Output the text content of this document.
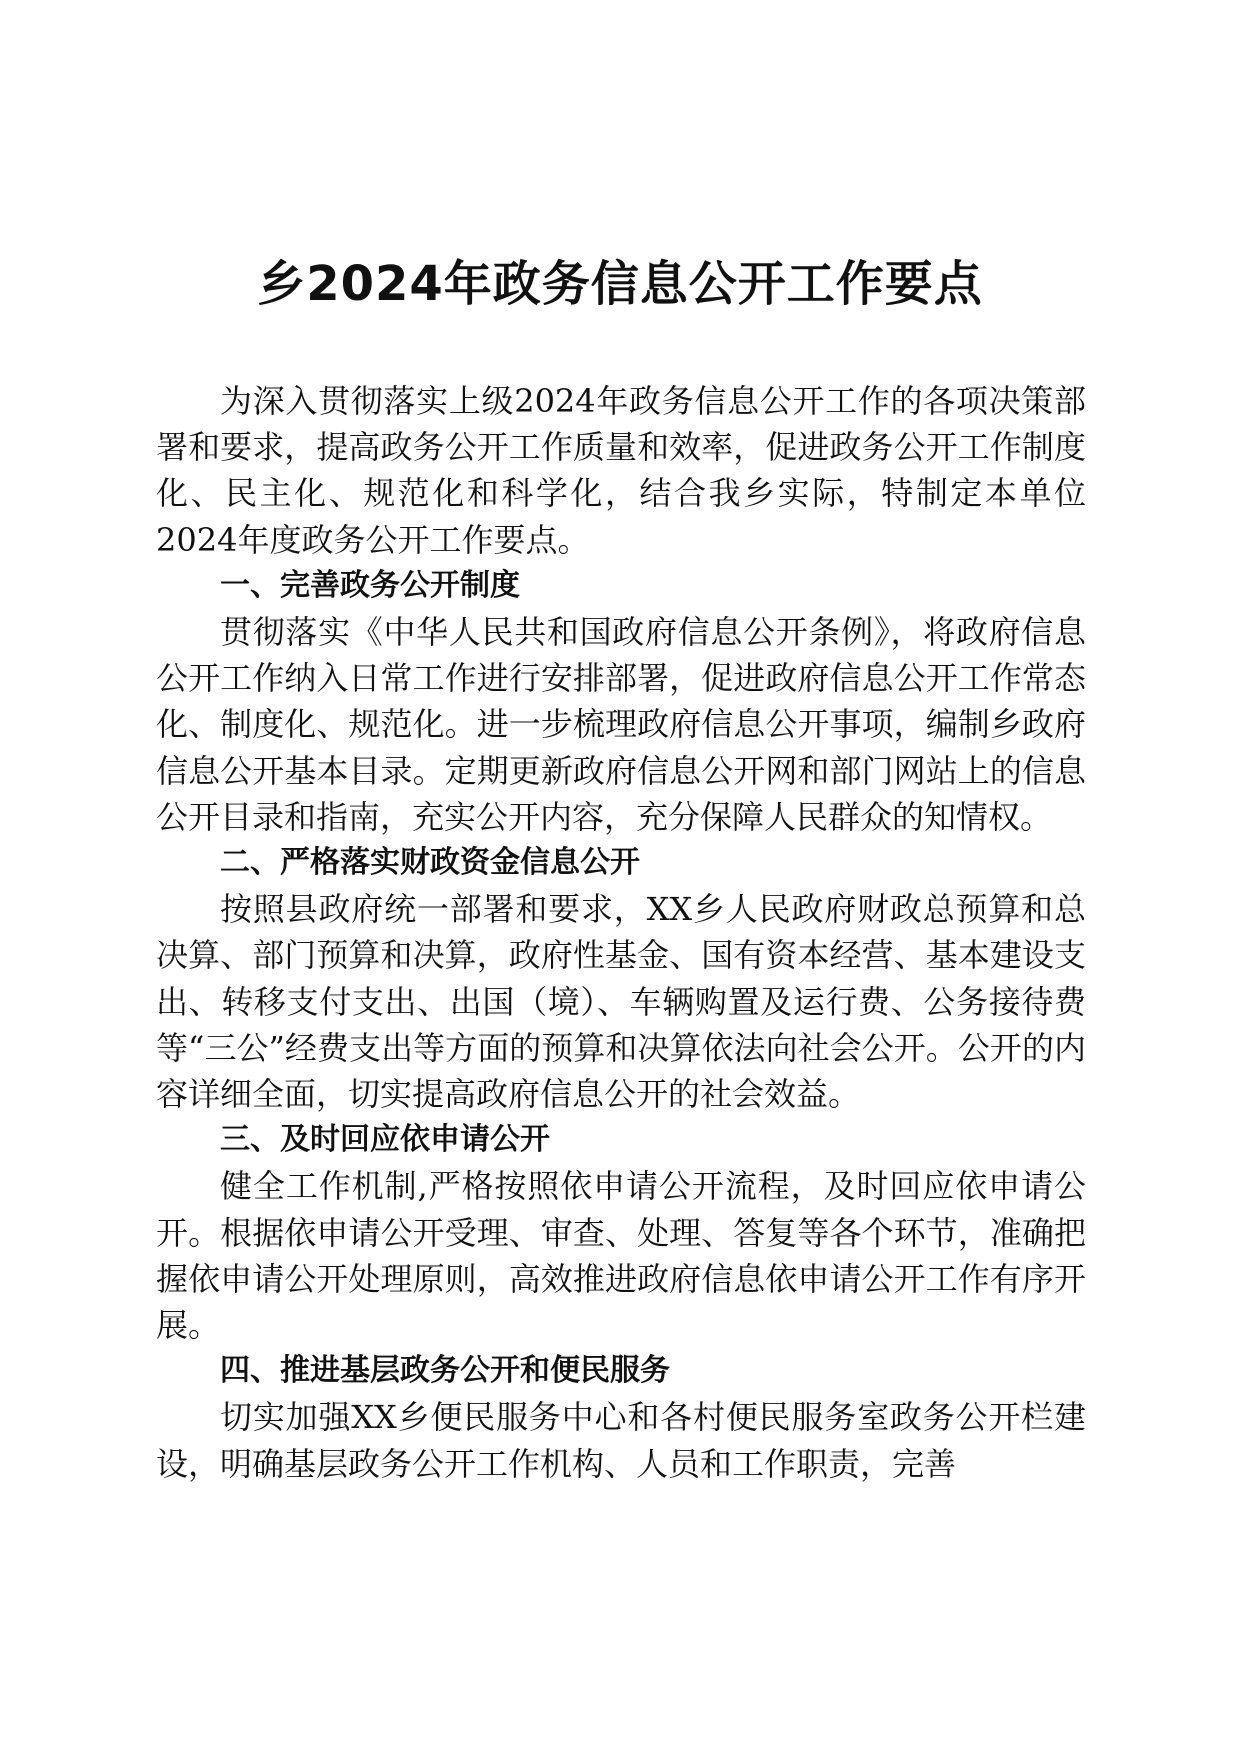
乡2024年政务信息公开工作要点

为深入贯彻落实上级2024年政务信息公开工作的各项决策部署和要求，提高政务公开工作质量和效率，促进政务公开工作制度化、民主化、规范化和科学化，结合我乡实际，特制定本单位2024年度政务公开工作要点。

一、完善政务公开制度

贯彻落实《中华人民共和国政府信息公开条例》，将政府信息公开工作纳入日常工作进行安排部署，促进政府信息公开工作常态化、制度化、规范化。进一步梳理政府信息公开事项，编制乡政府信息公开基本目录。定期更新政府信息公开网和部门网站上的信息公开目录和指南，充实公开内容，充分保障人民群众的知情权。

二、严格落实财政资金信息公开

按照县政府统一部署和要求，XX乡人民政府财政总预算和总决算、部门预算和决算，政府性基金、国有资本经营、基本建设支出、转移支付支出、出国（境）、车辆购置及运行费、公务接待费等“三公”经费支出等方面的预算和决算依法向社会公开。公开的内容详细全面，切实提高政府信息公开的社会效益。

三、及时回应依申请公开

健全工作机制,严格按照依申请公开流程，及时回应依申请公开。根据依申请公开受理、审查、处理、答复等各个环节，准确把握依申请公开处理原则，高效推进政府信息依申请公开工作有序开展。

四、推进基层政务公开和便民服务

切实加强XX乡便民服务中心和各村便民服务室政务公开栏建设，明确基层政务公开工作机构、人员和工作职责，完善
